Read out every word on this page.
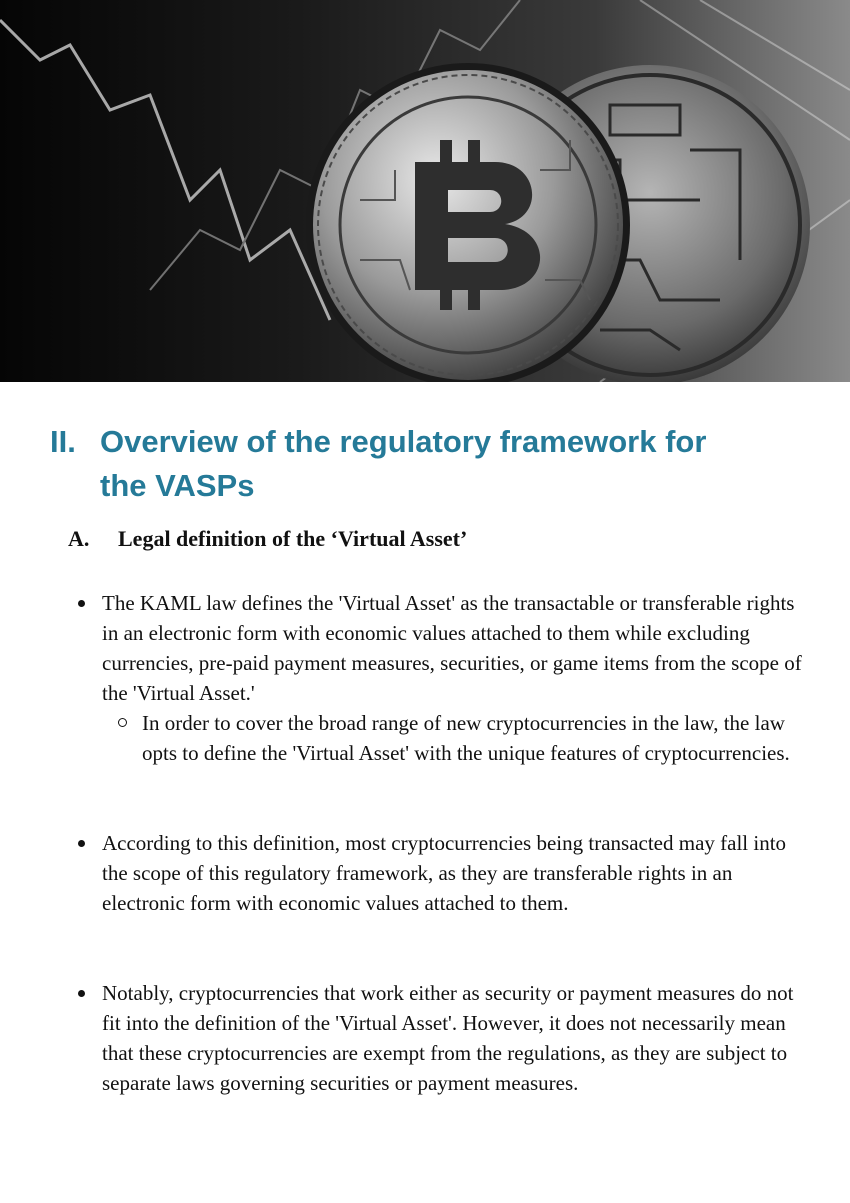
II. Overview of the regulatory framework for
the VASPs
A. Legal definition of the ‘Virtual Asset’
The KAML law defines the 'Virtual Asset' as the transactable or transferable rights in an electronic form with economic values attached to them while excluding currencies, pre-paid payment measures, securities, or game items from the scope of the 'Virtual Asset.'
In order to cover the broad range of new cryptocurrencies in the law, the law opts to define the 'Virtual Asset' with the unique features of cryptocurrencies.
According to this definition, most cryptocurrencies being transacted may fall into the scope of this regulatory framework, as they are transferable rights in an electronic form with economic values attached to them.
Notably, cryptocurrencies that work either as security or payment measures do not fit into the definition of the 'Virtual Asset'. However, it does not necessarily mean that these cryptocurrencies are exempt from the regulations, as they are subject to separate laws governing securities or payment measures.
